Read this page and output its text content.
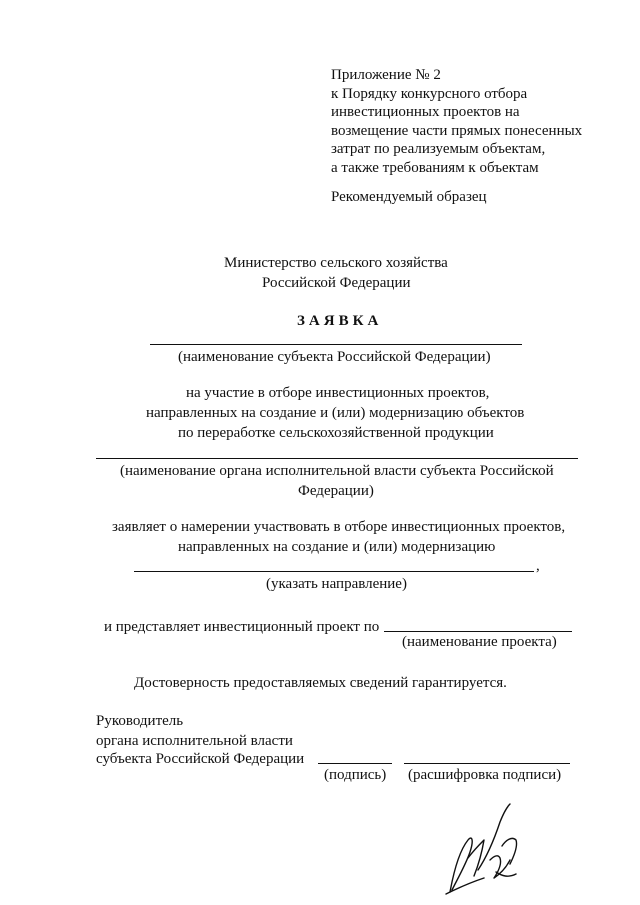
Приложение № 2
к Порядку конкурсного отбора
инвестиционных проектов на
возмещение части прямых понесенных
затрат по реализуемым объектам,
а также требованиям к объектам
Рекомендуемый образец
Министерство сельского хозяйства
Российской Федерации
ЗАЯВКА
(наименование субъекта Российской Федерации)
на участие в отборе инвестиционных проектов,
направленных на создание и (или) модернизацию объектов
по переработке сельскохозяйственной продукции
(наименование органа исполнительной власти субъекта Российской
Федерации)
заявляет о намерении участвовать в отборе инвестиционных проектов,
направленных на создание и (или) модернизацию
,
(указать направление)
и представляет инвестиционный проект по
(наименование проекта)
Достоверность предоставляемых сведений гарантируется.
Руководитель
органа исполнительной власти
субъекта Российской Федерации
(подпись) (расшифровка подписи)
